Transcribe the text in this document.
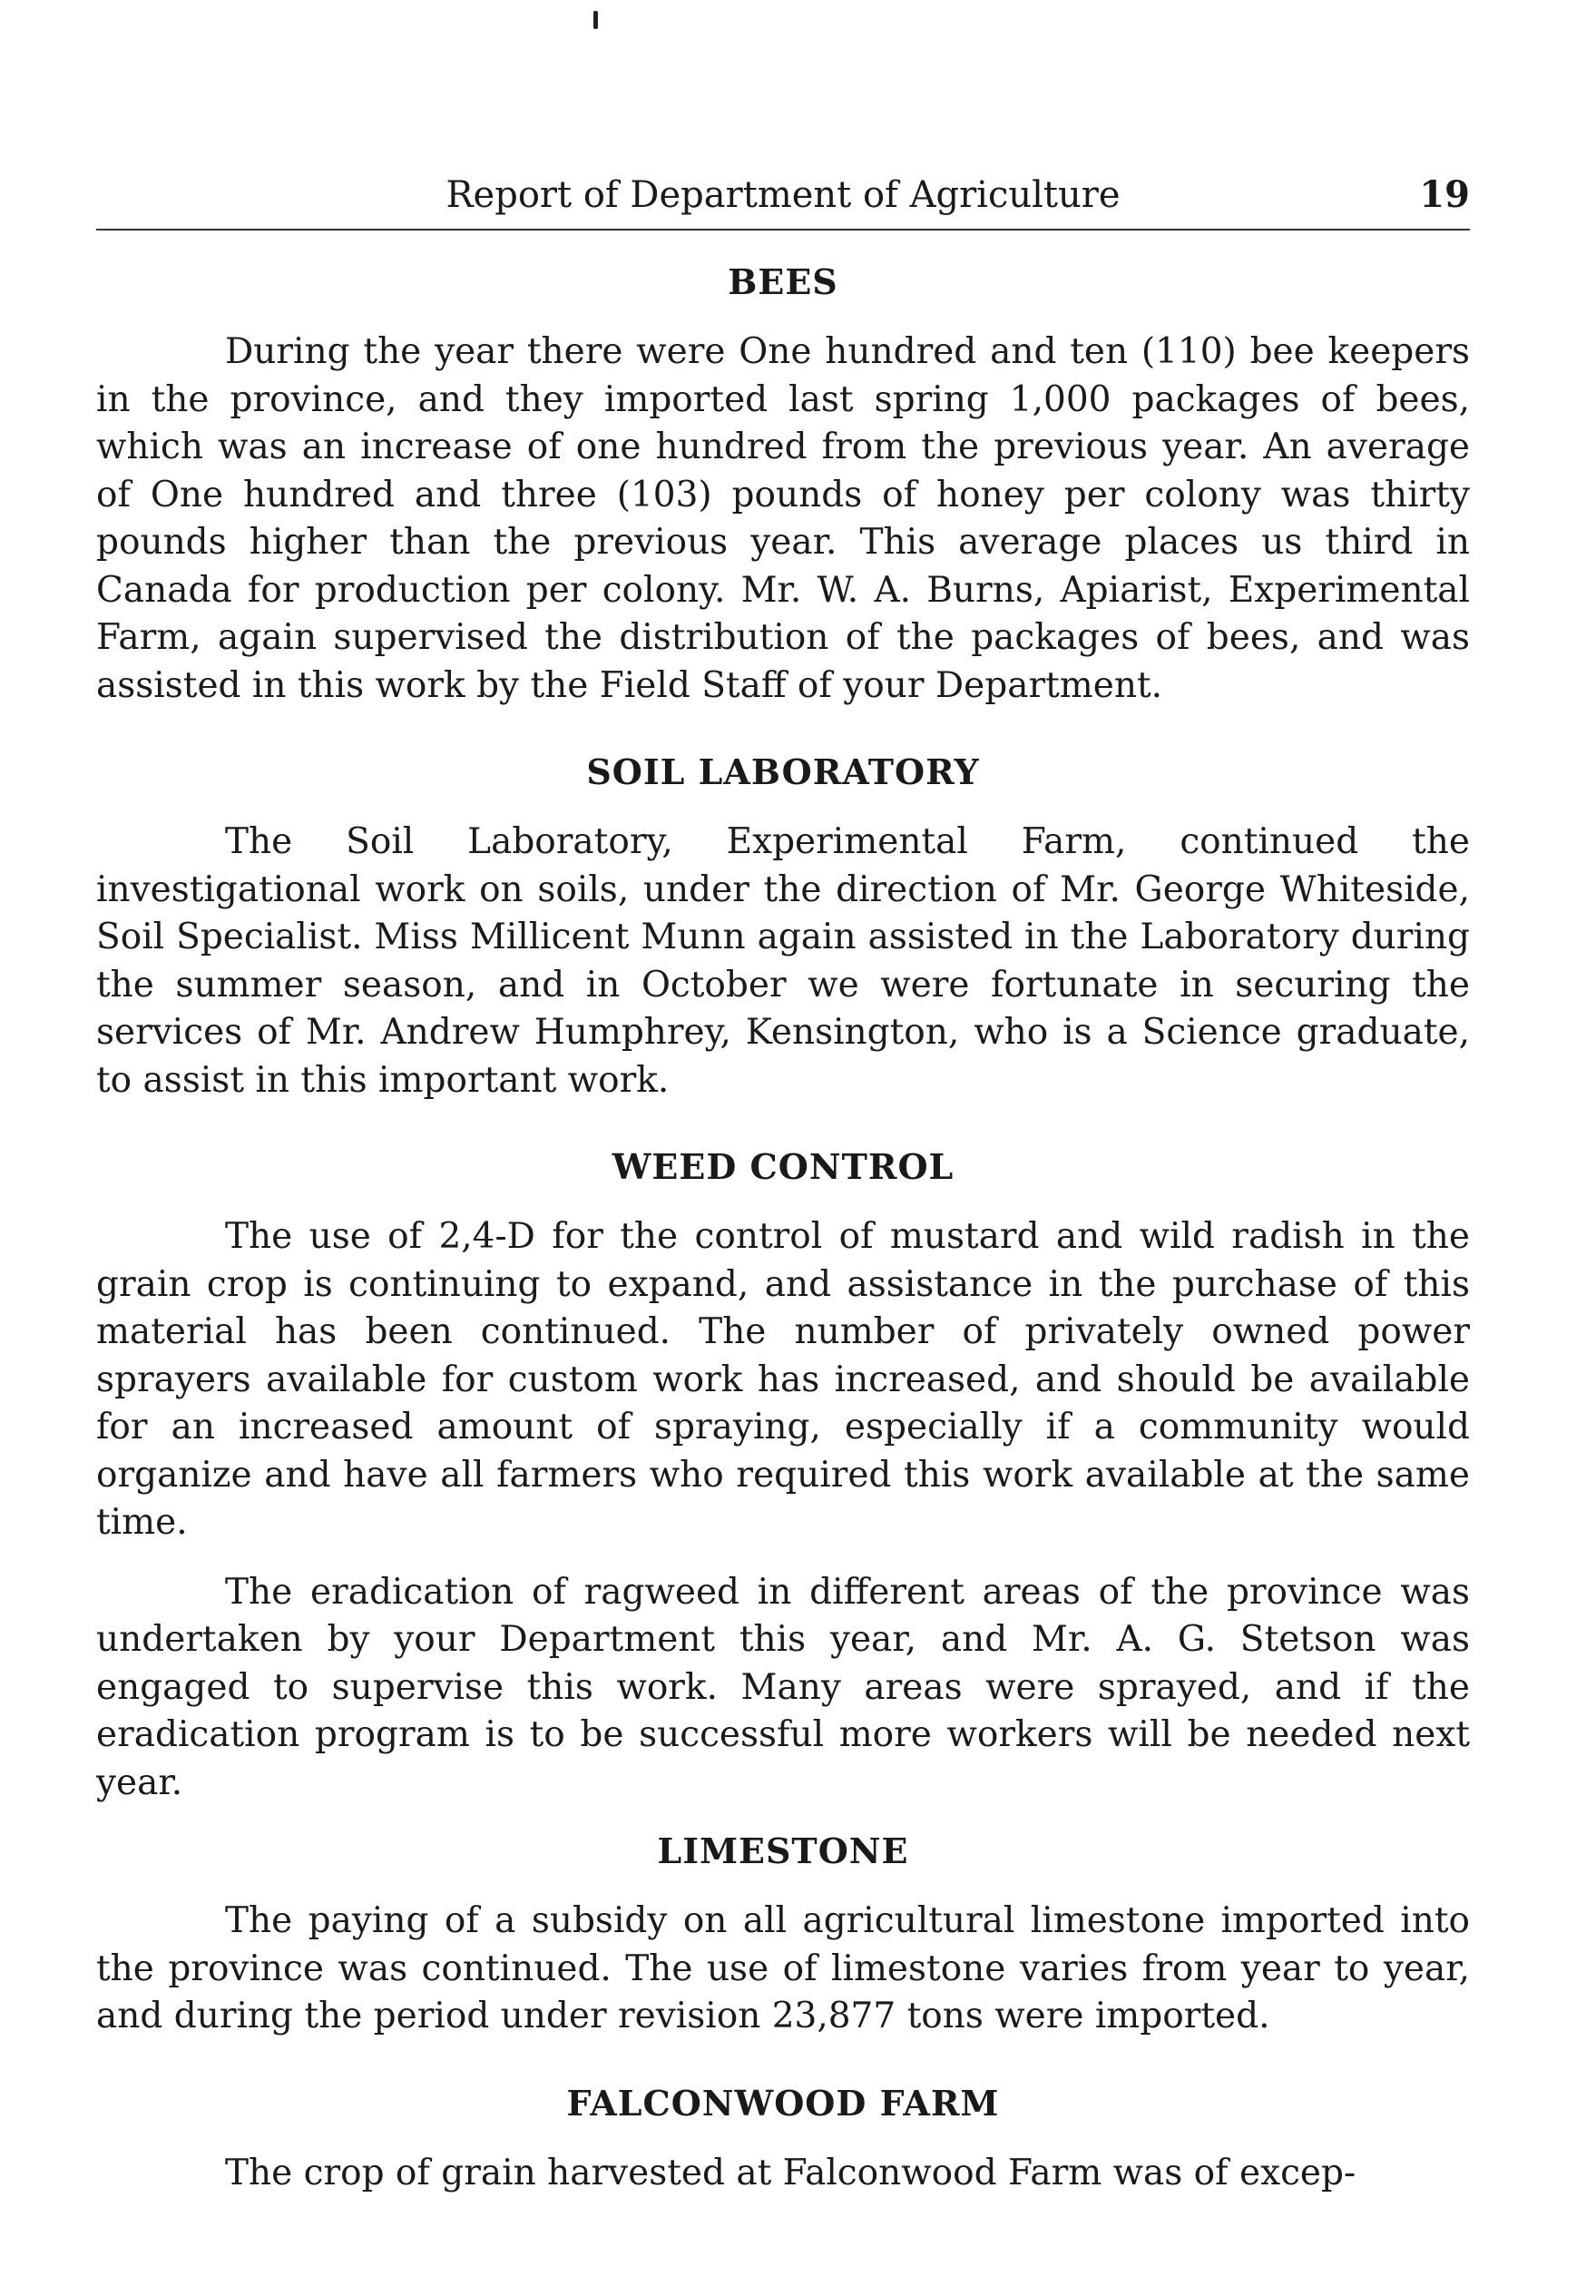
Report of Department of Agriculture	19
BEES

During the year there were One hundred and ten (110) bee keepers in the province, and they imported last spring 1,000 packages of bees, which was an increase of one hundred from the previous year. An average of One hundred and three (103) pounds of honey per colony was thirty pounds higher than the previous year. This average places us third in Canada for production per colony. Mr. W. A. Burns, Apiarist, Experimental Farm, again supervised the distribution of the packages of bees, and was assisted in this work by the Field Staff of your Department.

SOIL LABORATORY

The Soil Laboratory, Experimental Farm, continued the investigational work on soils, under the direction of Mr. George Whiteside, Soil Specialist. Miss Millicent Munn again assisted in the Laboratory during the summer season, and in October we were fortunate in securing the services of Mr. Andrew Humphrey, Kensington, who is a Science graduate, to assist in this important work.

WEED CONTROL

The use of 2,4-D for the control of mustard and wild radish in the grain crop is continuing to expand, and assistance in the purchase of this material has been continued. The number of privately owned power sprayers available for custom work has increased, and should be available for an increased amount of spraying, especially if a community would organize and have all farmers who required this work available at the same time.

The eradication of ragweed in different areas of the province was undertaken by your Department this year, and Mr. A. G. Stetson was engaged to supervise this work. Many areas were sprayed, and if the eradication program is to be successful more workers will be needed next year.

LIMESTONE

The paying of a subsidy on all agricultural limestone imported into the province was continued. The use of limestone varies from year to year, and during the period under revision 23,877 tons were imported.

FALCONWOOD FARM

The crop of grain harvested at Falconwood Farm was of excep-
